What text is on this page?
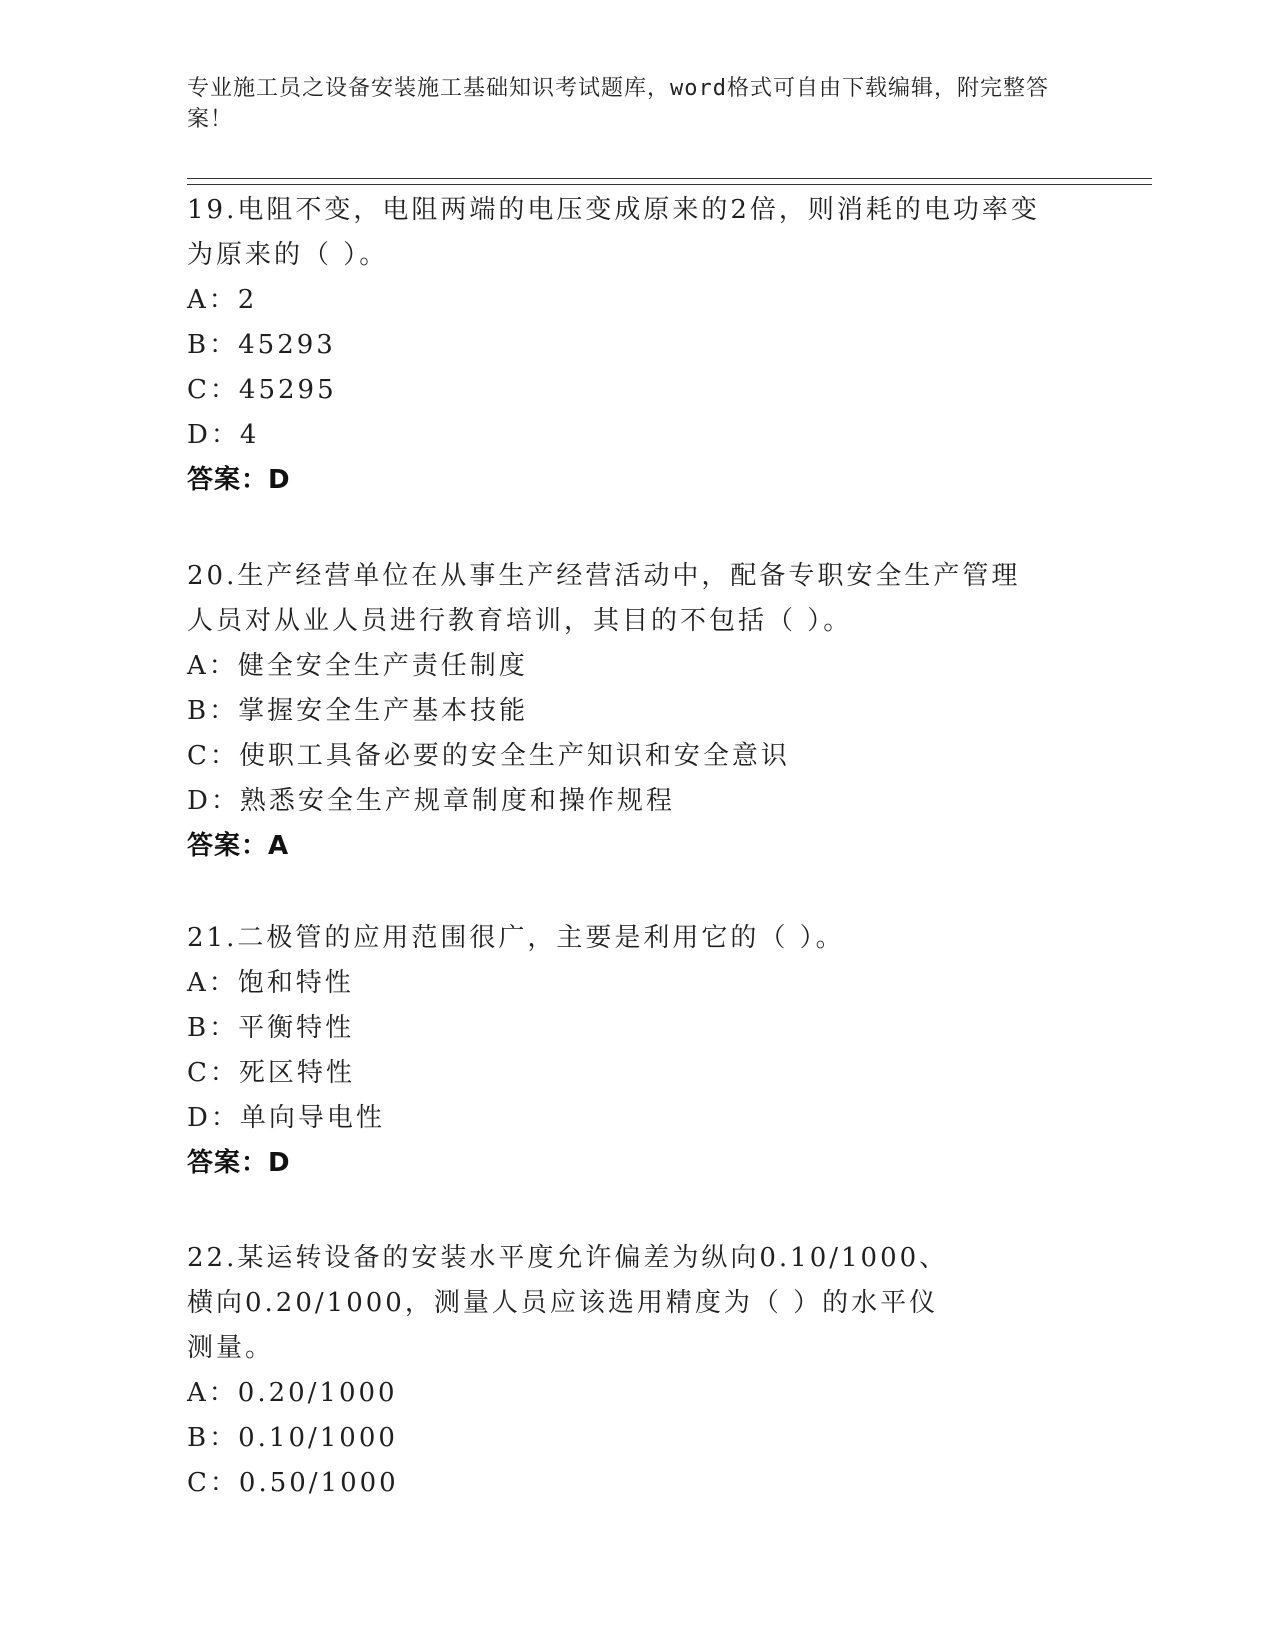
专业施工员之设备安装施工基础知识考试题库，word格式可自由下载编辑，附完整答案！

19.电阻不变，电阻两端的电压变成原来的2倍，则消耗的电功率变为原来的（ ）。

A：2
B：45293
C：45295
D：4
答案：D

20.生产经营单位在从事生产经营活动中，配备专职安全生产管理人员对从业人员进行教育培训，其目的不包括（ ）。

A：健全安全生产责任制度
B：掌握安全生产基本技能
C：使职工具备必要的安全生产知识和安全意识
D：熟悉安全生产规章制度和操作规程
答案：A

21.二极管的应用范围很广，主要是利用它的（ ）。

A：饱和特性
B：平衡特性
C：死区特性
D：单向导电性
答案：D

22.某运转设备的安装水平度允许偏差为纵向0.10/1000、横向0.20/1000，测量人员应该选用精度为（ ）的水平仪测量。

A：0.20/1000
B：0.10/1000
C：0.50/1000
